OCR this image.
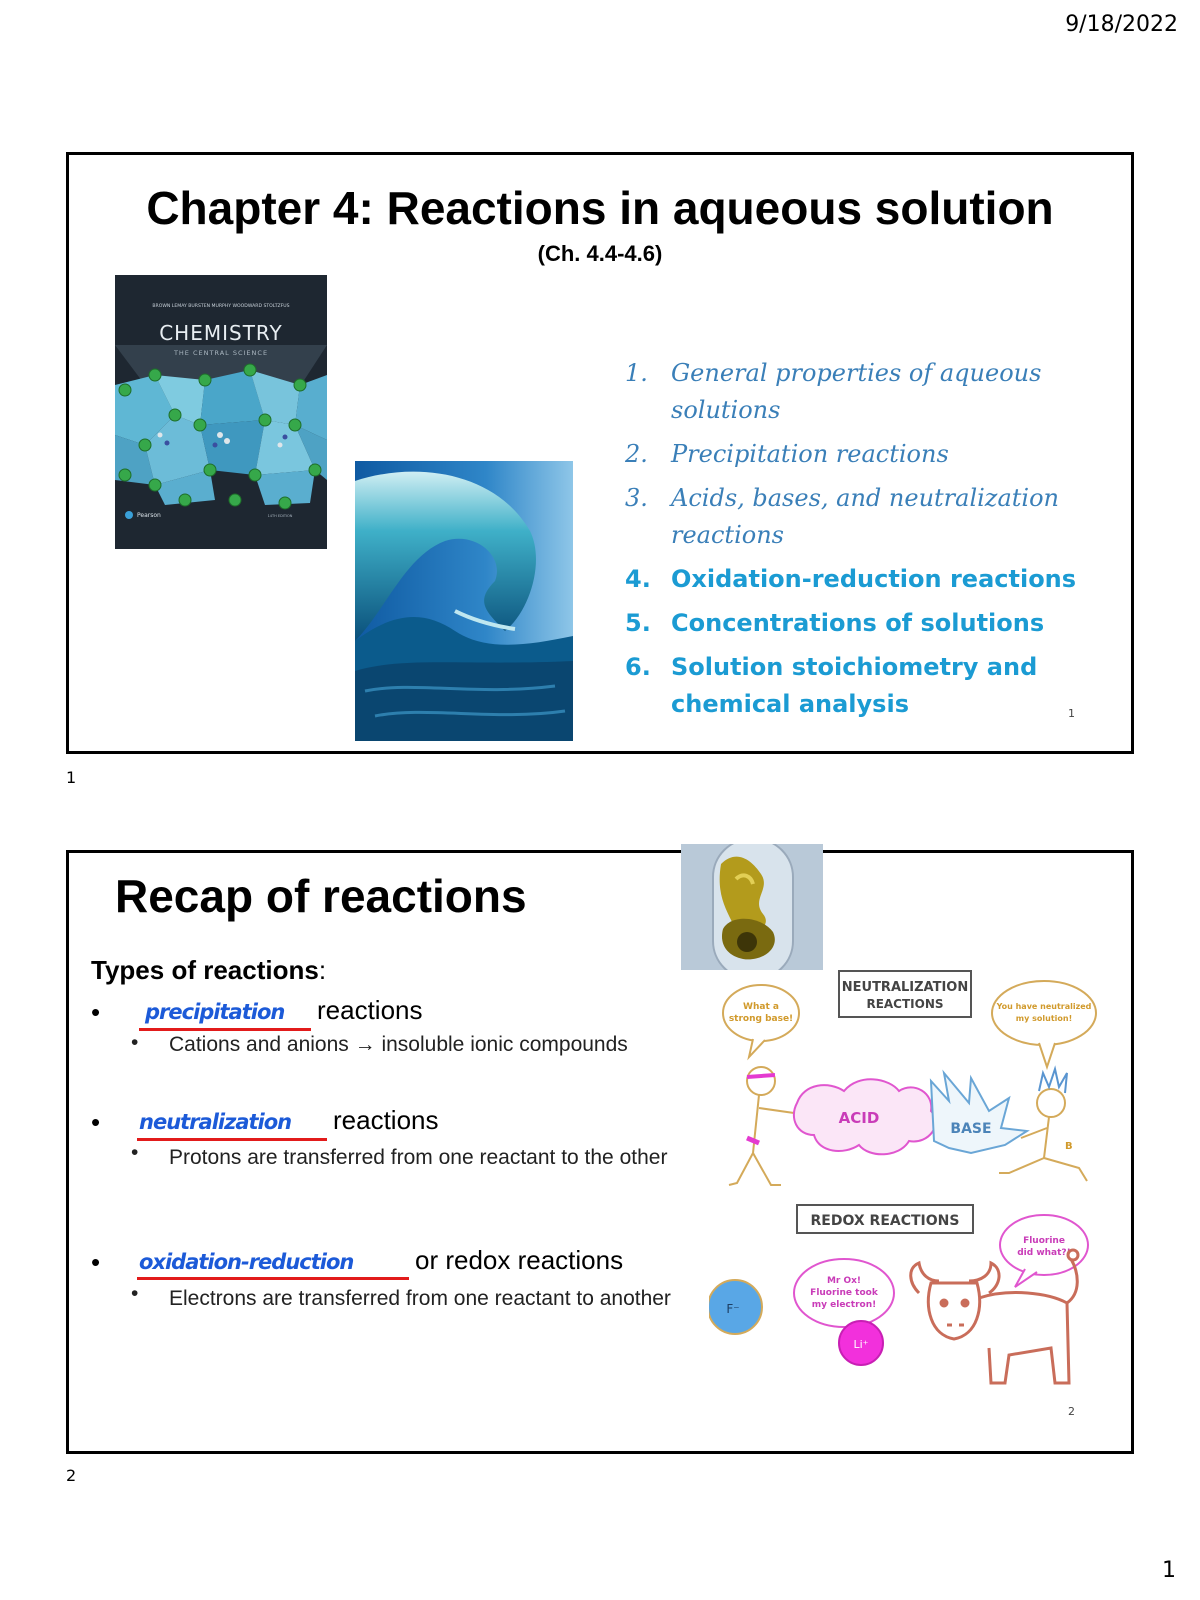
9/18/2022
Chapter 4: Reactions in aqueous solution
(Ch. 4.4-4.6)
BROWN LEMAY BURSTEN MURPHY WOODWARD STOLTZFUS
CHEMISTRY
THE CENTRAL SCIENCE
Pearson	14TH EDITION
1. General properties of aqueous solutions
2. Precipitation reactions
3. Acids, bases, and neutralization reactions
4. Oxidation-reduction reactions
5. Concentrations of solutions
6. Solution stoichiometry and chemical analysis	1
1
Recap of reactions
Types of reactions:
• precipitation reactions
• Cations and anions → insoluble ionic compounds
• neutralization reactions
• Protons are transferred from one reactant to the other
• oxidation-reduction or redox reactions
• Electrons are transferred from one reactant to another
NEUTRALIZATION
REACTIONS
What a
strong base!
You have neutralized
my solution!
ACID
BASE
B
REDOX REACTIONS
Mr Ox!
Fluorine took
my electron!
Fluorine
did what?!
F⁻
Li⁺
2
2
1
